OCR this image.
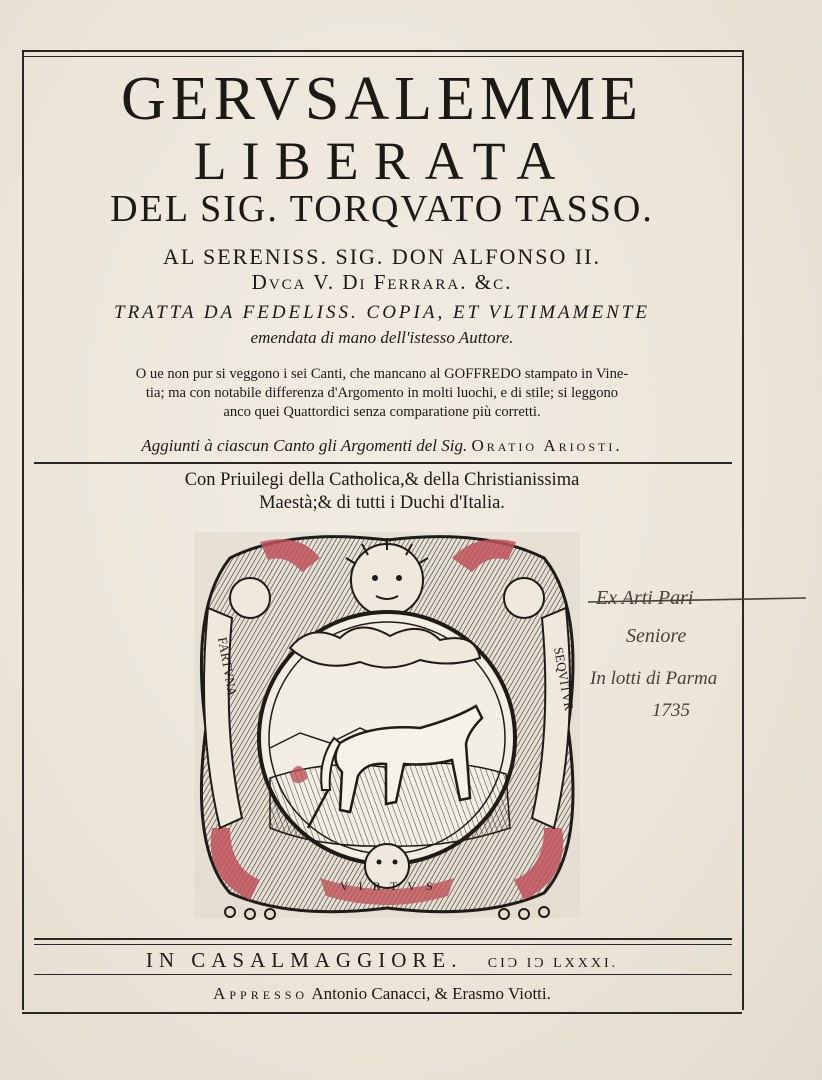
GERVSALEMME
LIBERATA
DEL SIG. TORQVATO TASSO.
AL SERENISS. SIG. DON ALFONSO II.
Dvca V. Di Ferrara. &c.
TRATTA DA FEDELISS. COPIA, ET VLTIMAMENTE
emendata di mano dell'istesso Auttore.
O ue non pur si veggono i sei Canti, che mancano al GOFFREDO stampato in Vine-
tia; ma con notabile differenza d'Argomento in molti luochi, e di stile; si leggono
anco quei Quattordici senza comparatione più corretti.
Aggiunti à ciascun Canto gli Argomenti del Sig. Oratio Ariosti.
Con Priuilegi della Catholica,& della Christianissima
Maestà;& di tutti i Duchi d'Italia.
FARTVNA	SEQVITVR
VIRTVS
Ex Arti Pari
Seniore
In lotti di Parma
1735
IN CASALMAGGIORE. CIƆ IƆ LXXXI.
Appresso Antonio Canacci, & Erasmo Viotti.
